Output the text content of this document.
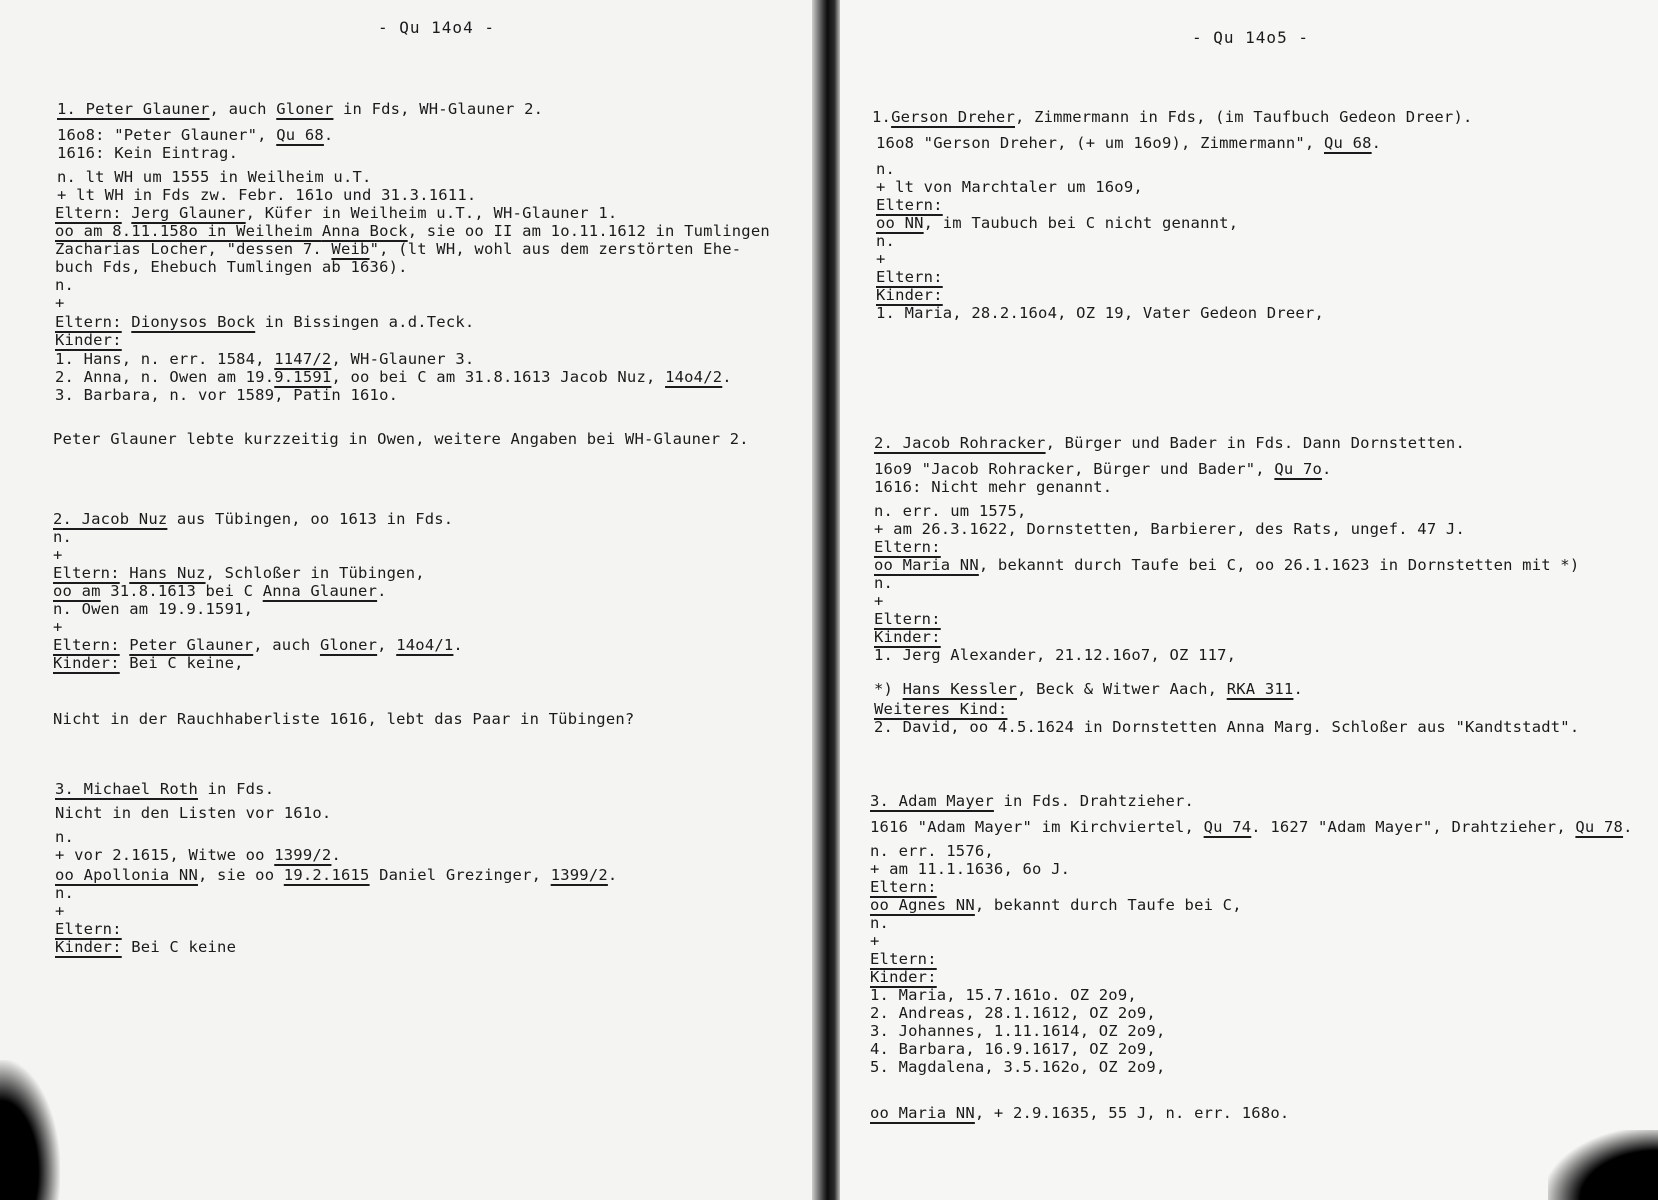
- Qu 14o4 -
1. Peter Glauner, auch Gloner in Fds, WH-Glauner 2.
16o8: "Peter Glauner", Qu 68.
1616: Kein Eintrag.
n. lt WH um 1555 in Weilheim u.T.
+ lt WH in Fds zw. Febr. 161o und 31.3.1611.
Eltern: Jerg Glauner, Küfer in Weilheim u.T., WH-Glauner 1.
oo am 8.11.158o in Weilheim Anna Bock, sie oo II am 1o.11.1612 in Tumlingen
Zacharias Locher, "dessen 7. Weib", (lt WH, wohl aus dem zerstörten Ehe-
buch Fds, Ehebuch Tumlingen ab 1636).
n.
+
Eltern: Dionysos Bock in Bissingen a.d.Teck.
Kinder:
1. Hans, n. err. 1584, 1147/2, WH-Glauner 3.
2. Anna, n. Owen am 19.9.1591, oo bei C am 31.8.1613 Jacob Nuz, 14o4/2.
3. Barbara, n. vor 1589, Patin 161o.
Peter Glauner lebte kurzzeitig in Owen, weitere Angaben bei WH-Glauner 2.
2. Jacob Nuz aus Tübingen, oo 1613 in Fds.
n.
+
Eltern: Hans Nuz, Schloßer in Tübingen,
oo am 31.8.1613 bei C Anna Glauner.
n. Owen am 19.9.1591,
+
Eltern: Peter Glauner, auch Gloner, 14o4/1.
Kinder: Bei C keine,
Nicht in der Rauchhaberliste 1616, lebt das Paar in Tübingen?
3. Michael Roth in Fds.
Nicht in den Listen vor 161o.
n.
+ vor 2.1615, Witwe oo 1399/2.
oo Apollonia NN, sie oo 19.2.1615 Daniel Grezinger, 1399/2.
n.
+
Eltern:
Kinder: Bei C keine
- Qu 14o5 -
1.Gerson Dreher, Zimmermann in Fds, (im Taufbuch Gedeon Dreer).
16o8 "Gerson Dreher, (+ um 16o9), Zimmermann", Qu 68.
n.
+ lt von Marchtaler um 16o9,
Eltern:
oo NN, im Taubuch bei C nicht genannt,
n.
+
Eltern:
Kinder:
1. Maria, 28.2.16o4, OZ 19, Vater Gedeon Dreer,
2. Jacob Rohracker, Bürger und Bader in Fds. Dann Dornstetten.
16o9 "Jacob Rohracker, Bürger und Bader", Qu 7o.
1616: Nicht mehr genannt.
n. err. um 1575,
+ am 26.3.1622, Dornstetten, Barbierer, des Rats, ungef. 47 J.
Eltern:
oo Maria NN, bekannt durch Taufe bei C, oo 26.1.1623 in Dornstetten mit *)
n.
+
Eltern:
Kinder:
1. Jerg Alexander, 21.12.16o7, OZ 117,
*) Hans Kessler, Beck & Witwer Aach, RKA 311.
Weiteres Kind:
2. David, oo 4.5.1624 in Dornstetten Anna Marg. Schloßer aus "Kandtstadt".
3. Adam Mayer in Fds. Drahtzieher.
1616 "Adam Mayer" im Kirchviertel, Qu 74. 1627 "Adam Mayer", Drahtzieher, Qu 78.
n. err. 1576,
+ am 11.1.1636, 6o J.
Eltern:
oo Agnes NN, bekannt durch Taufe bei C,
n.
+
Eltern:
Kinder:
1. Maria, 15.7.161o. OZ 2o9,
2. Andreas, 28.1.1612, OZ 2o9,
3. Johannes, 1.11.1614, OZ 2o9,
4. Barbara, 16.9.1617, OZ 2o9,
5. Magdalena, 3.5.162o, OZ 2o9,
oo Maria NN, + 2.9.1635, 55 J, n. err. 168o.
